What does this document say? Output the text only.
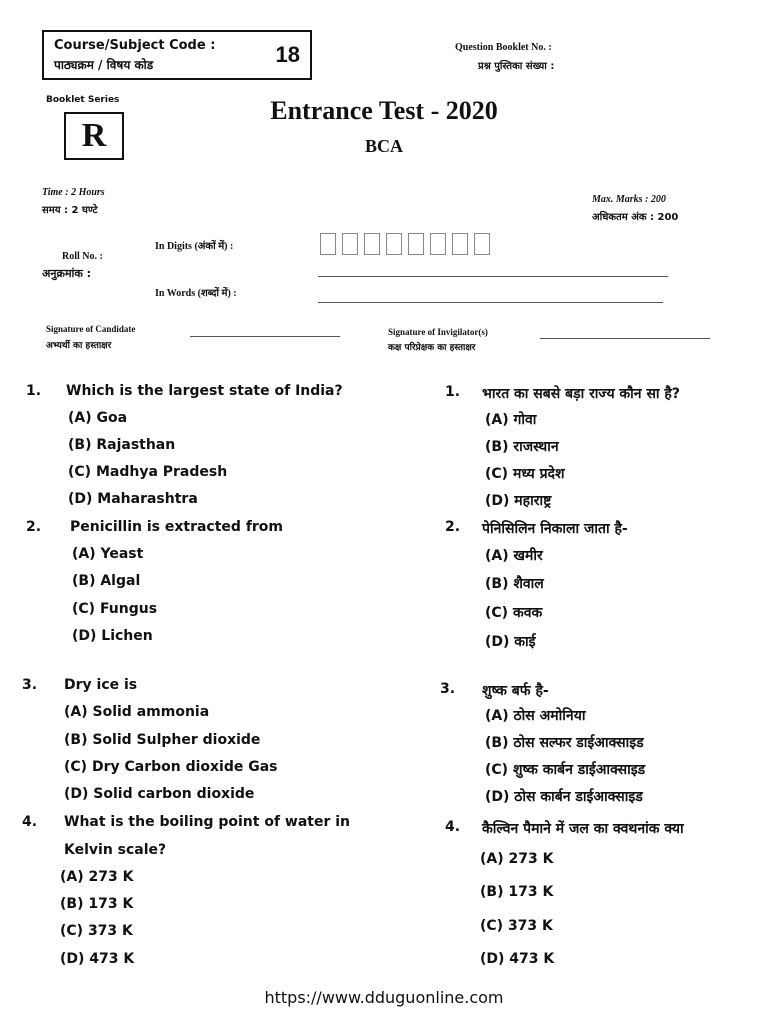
Course/Subject Code :
पाठ्यक्रम / विषय कोड	18	Question Booklet No. :
प्रश्न पुस्तिका संख्या :
Booklet Series
R
Entrance Test - 2020
BCA
Time : 2 Hours
समय : 2 घण्टे
Max. Marks : 200
अधिकतम अंक : 200
Roll No. :
अनुक्रमांक :
In Digits (अंकों में) :
In Words (शब्दों में) :
Signature of Candidate
अभ्यर्थी का हस्ताक्षर
Signature of Invigilator(s)
कक्ष परिप्रेक्षक का हस्ताक्षर
1. Which is the largest state of India?
(A) Goa
(B) Rajasthan
(C) Madhya Pradesh
(D) Maharashtra
2. Penicillin is extracted from
(A) Yeast
(B) Algal
(C) Fungus
(D) Lichen
3. Dry ice is
(A) Solid ammonia
(B) Solid Sulpher dioxide
(C) Dry Carbon dioxide Gas
(D) Solid carbon dioxide
4. What is the boiling point of water in
Kelvin scale?
(A) 273 K
(B) 173 K
(C) 373 K
(D) 473 K
1. भारत का सबसे बड़ा राज्य कौन सा है?
(A) गोवा
(B) राजस्थान
(C) मध्य प्रदेश
(D) महाराष्ट्र
2. पेनिसिलिन निकाला जाता है-
(A) खमीर
(B) शैवाल
(C) कवक
(D) काई
3. शुष्क बर्फ है-
(A) ठोस अमोनिया
(B) ठोस सल्फर डाईआक्साइड
(C) शुष्क कार्बन डाईआक्साइड
(D) ठोस कार्बन डाईआक्साइड
4. कैल्विन पैमाने में जल का क्वथनांक क्या
(A) 273 K
(B) 173 K
(C) 373 K
(D) 473 K
https://www.dduguonline.com
